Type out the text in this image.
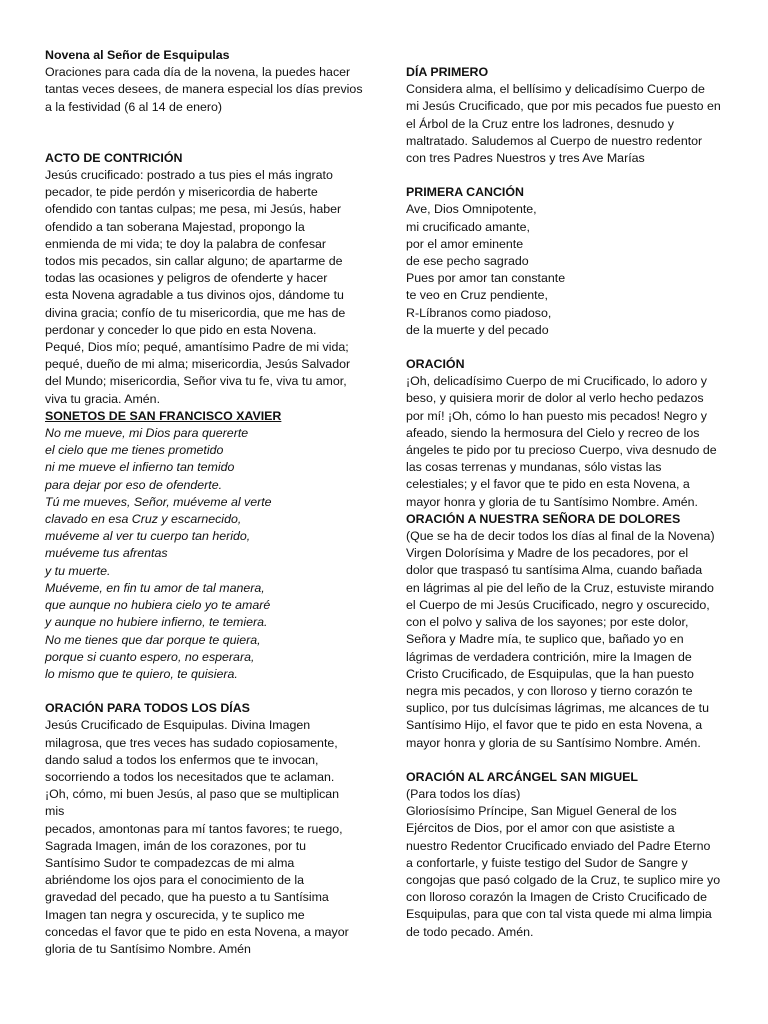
Novena al Señor de Esquipulas
Oraciones para cada día de la novena, la puedes hacer
tantas veces desees, de manera especial los días previos
a la festividad (6 al 14 de enero)
ACTO DE CONTRICIÓN
Jesús crucificado: postrado a tus pies el más ingrato
pecador, te pide perdón y misericordia de haberte
ofendido con tantas culpas; me pesa, mi Jesús, haber
ofendido a tan soberana Majestad, propongo la
enmienda de mi vida; te doy la palabra de confesar
todos mis pecados, sin callar alguno; de apartarme de
todas las ocasiones y peligros de ofenderte y hacer
esta Novena agradable a tus divinos ojos, dándome tu
divina gracia; confío de tu misericordia, que me has de
perdonar y conceder lo que pido en esta Novena.
Pequé, Dios mío; pequé, amantísimo Padre de mi vida;
pequé, dueño de mi alma; misericordia, Jesús Salvador
del Mundo; misericordia, Señor viva tu fe, viva tu amor,
viva tu gracia. Amén.
SONETOS DE SAN FRANCISCO XAVIER
No me mueve, mi Dios para quererte
el cielo que me tienes prometido
ni me mueve el infierno tan temido
para dejar por eso de ofenderte.
Tú me mueves, Señor, muéveme al verte
clavado en esa Cruz y escarnecido,
muéveme al ver tu cuerpo tan herido,
muéveme tus afrentas
y tu muerte.
Muéveme, en fin tu amor de tal manera,
que aunque no hubiera cielo yo te amaré
y aunque no hubiere infierno, te temiera.
No me tienes que dar porque te quiera,
porque si cuanto espero, no esperara,
lo mismo que te quiero, te quisiera.
ORACIÓN PARA TODOS LOS DÍAS
Jesús Crucificado de Esquipulas. Divina Imagen
milagrosa, que tres veces has sudado copiosamente,
dando salud a todos los enfermos que te invocan,
socorriendo a todos los necesitados que te aclaman.
¡Oh, cómo, mi buen Jesús, al paso que se multiplican
mis
pecados, amontonas para mí tantos favores; te ruego,
Sagrada Imagen, imán de los corazones, por tu
Santísimo Sudor te compadezcas de mi alma
abriéndome los ojos para el conocimiento de la
gravedad del pecado, que ha puesto a tu Santísima
Imagen tan negra y oscurecida, y te suplico me
concedas el favor que te pido en esta Novena, a mayor
gloria de tu Santísimo Nombre. Amén
DÍA PRIMERO
Considera alma, el bellísimo y delicadísimo Cuerpo de
mi Jesús Crucificado, que por mis pecados fue puesto en
el Árbol de la Cruz entre los ladrones, desnudo y
maltratado. Saludemos al Cuerpo de nuestro redentor
con tres Padres Nuestros y tres Ave Marías
PRIMERA CANCIÓN
Ave, Dios Omnipotente,
mi crucificado amante,
por el amor eminente
de ese pecho sagrado
Pues por amor tan constante
te veo en Cruz pendiente,
R-Líbranos como piadoso,
de la muerte y del pecado
ORACIÓN
¡Oh, delicadísimo Cuerpo de mi Crucificado, lo adoro y
beso, y quisiera morir de dolor al verlo hecho pedazos
por mí! ¡Oh, cómo lo han puesto mis pecados! Negro y
afeado, siendo la hermosura del Cielo y recreo de los
ángeles te pido por tu precioso Cuerpo, viva desnudo de
las cosas terrenas y mundanas, sólo vistas las
celestiales; y el favor que te pido en esta Novena, a
mayor honra y gloria de tu Santísimo Nombre. Amén.
ORACIÓN A NUESTRA SEÑORA DE DOLORES
(Que se ha de decir todos los días al final de la Novena)
Virgen Dolorísima y Madre de los pecadores, por el
dolor que traspasó tu santísima Alma, cuando bañada
en lágrimas al pie del leño de la Cruz, estuviste mirando
el Cuerpo de mi Jesús Crucificado, negro y oscurecido,
con el polvo y saliva de los sayones; por este dolor,
Señora y Madre mía, te suplico que, bañado yo en
lágrimas de verdadera contrición, mire la Imagen de
Cristo Crucificado, de Esquipulas, que la han puesto
negra mis pecados, y con lloroso y tierno corazón te
suplico, por tus dulcísimas lágrimas, me alcances de tu
Santísimo Hijo, el favor que te pido en esta Novena, a
mayor honra y gloria de su Santísimo Nombre. Amén.
ORACIÓN AL ARCÁNGEL SAN MIGUEL
(Para todos los días)
Gloriosísimo Príncipe, San Miguel General de los
Ejércitos de Dios, por el amor con que asististe a
nuestro Redentor Crucificado enviado del Padre Eterno
a confortarle, y fuiste testigo del Sudor de Sangre y
congojas que pasó colgado de la Cruz, te suplico mire yo
con lloroso corazón la Imagen de Cristo Crucificado de
Esquipulas, para que con tal vista quede mi alma limpia
de todo pecado. Amén.
